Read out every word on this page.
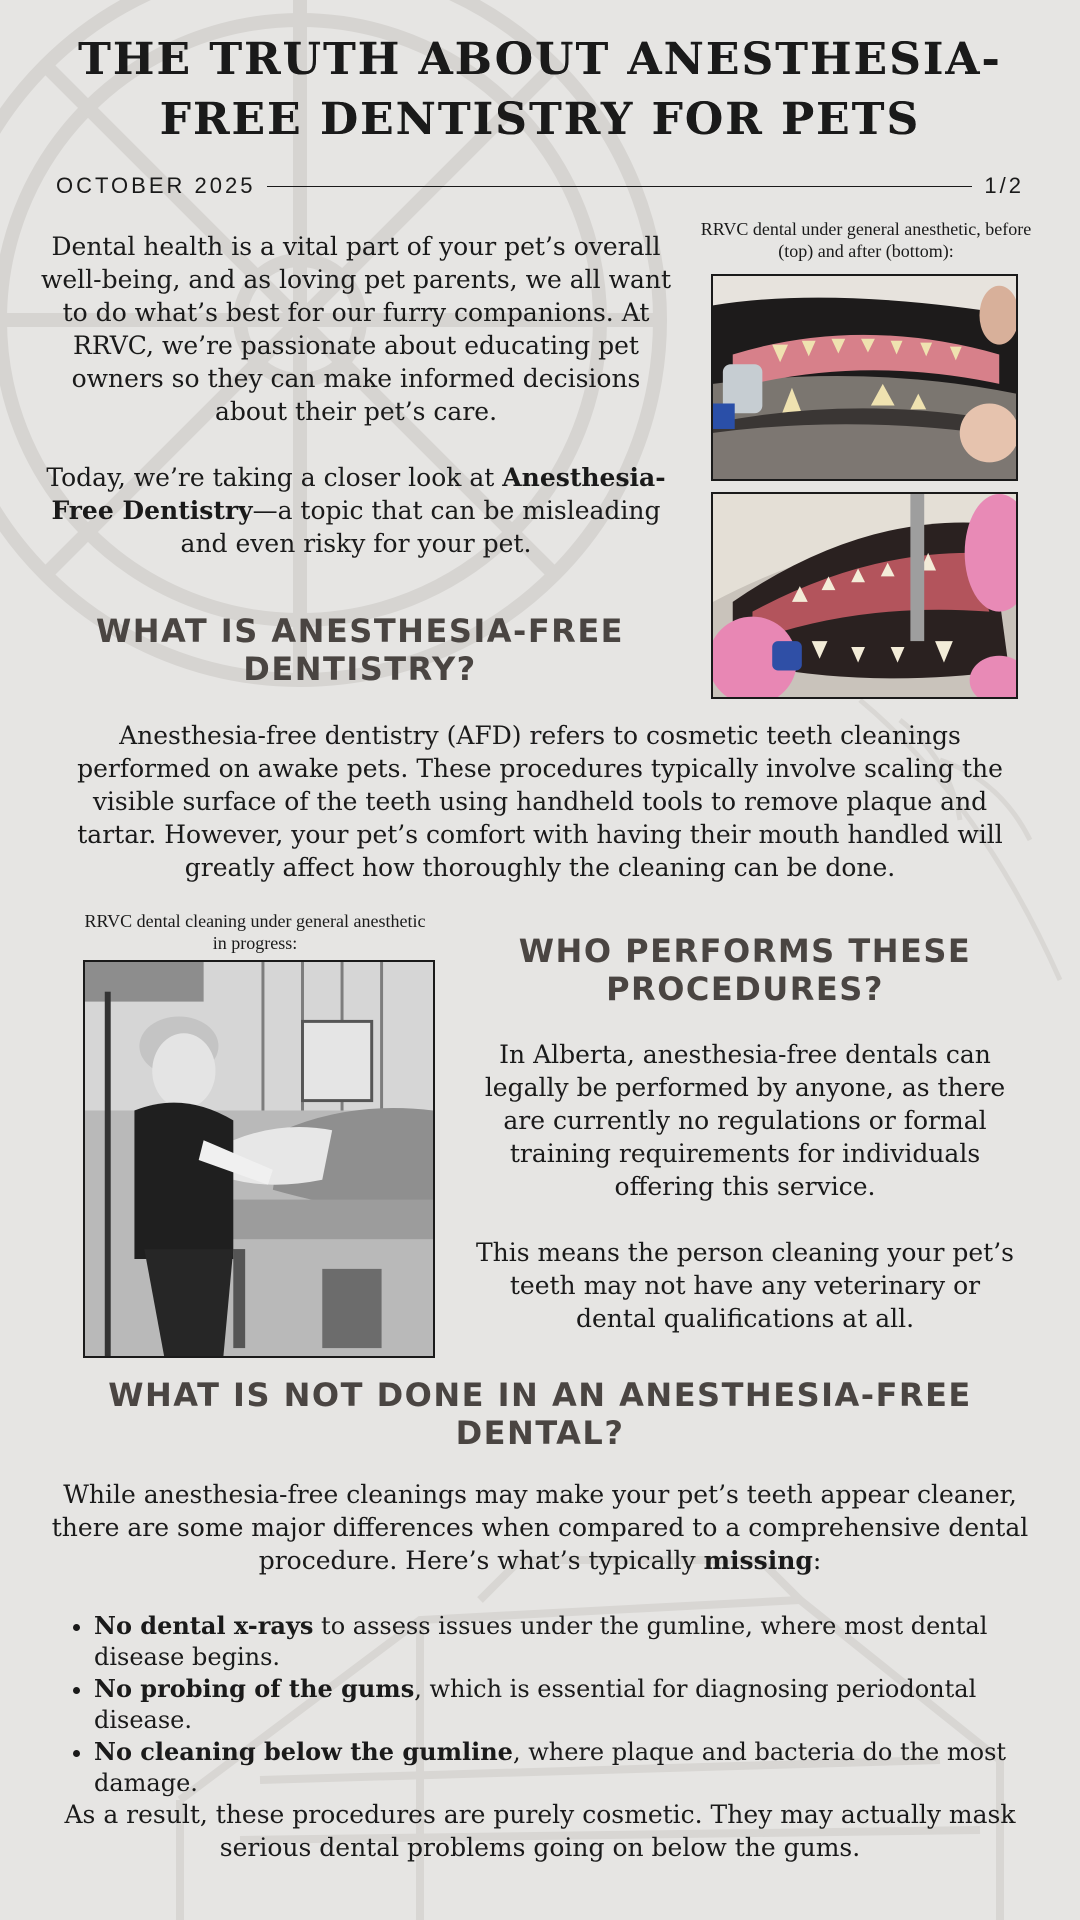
THE TRUTH ABOUT ANESTHESIA-FREE DENTISTRY FOR PETS
OCTOBER 2025	1/2

Dental health is a vital part of your pet’s overall well-being, and as loving pet parents, we all want to do what’s best for our furry companions. At RRVC, we’re passionate about educating pet owners so they can make informed decisions about their pet’s care.

Today, we’re taking a closer look at Anesthesia-Free Dentistry—a topic that can be misleading and even risky for your pet.

RRVC dental under general anesthetic, before (top) and after (bottom):

WHAT IS ANESTHESIA-FREE DENTISTRY?

Anesthesia-free dentistry (AFD) refers to cosmetic teeth cleanings performed on awake pets. These procedures typically involve scaling the visible surface of the teeth using handheld tools to remove plaque and tartar. However, your pet’s comfort with having their mouth handled will greatly affect how thoroughly the cleaning can be done.

RRVC dental cleaning under general anesthetic in progress:	WHO PERFORMS THESE PROCEDURES?

In Alberta, anesthesia-free dentals can legally be performed by anyone, as there are currently no regulations or formal training requirements for individuals offering this service.

This means the person cleaning your pet’s teeth may not have any veterinary or dental qualifications at all.

WHAT IS NOT DONE IN AN ANESTHESIA-FREE DENTAL?

While anesthesia-free cleanings may make your pet’s teeth appear cleaner, there are some major differences when compared to a comprehensive dental procedure. Here’s what’s typically missing:

• No dental x-rays to assess issues under the gumline, where most dental disease begins.
• No probing of the gums, which is essential for diagnosing periodontal disease.
• No cleaning below the gumline, where plaque and bacteria do the most damage.

As a result, these procedures are purely cosmetic. They may actually mask serious dental problems going on below the gums.
